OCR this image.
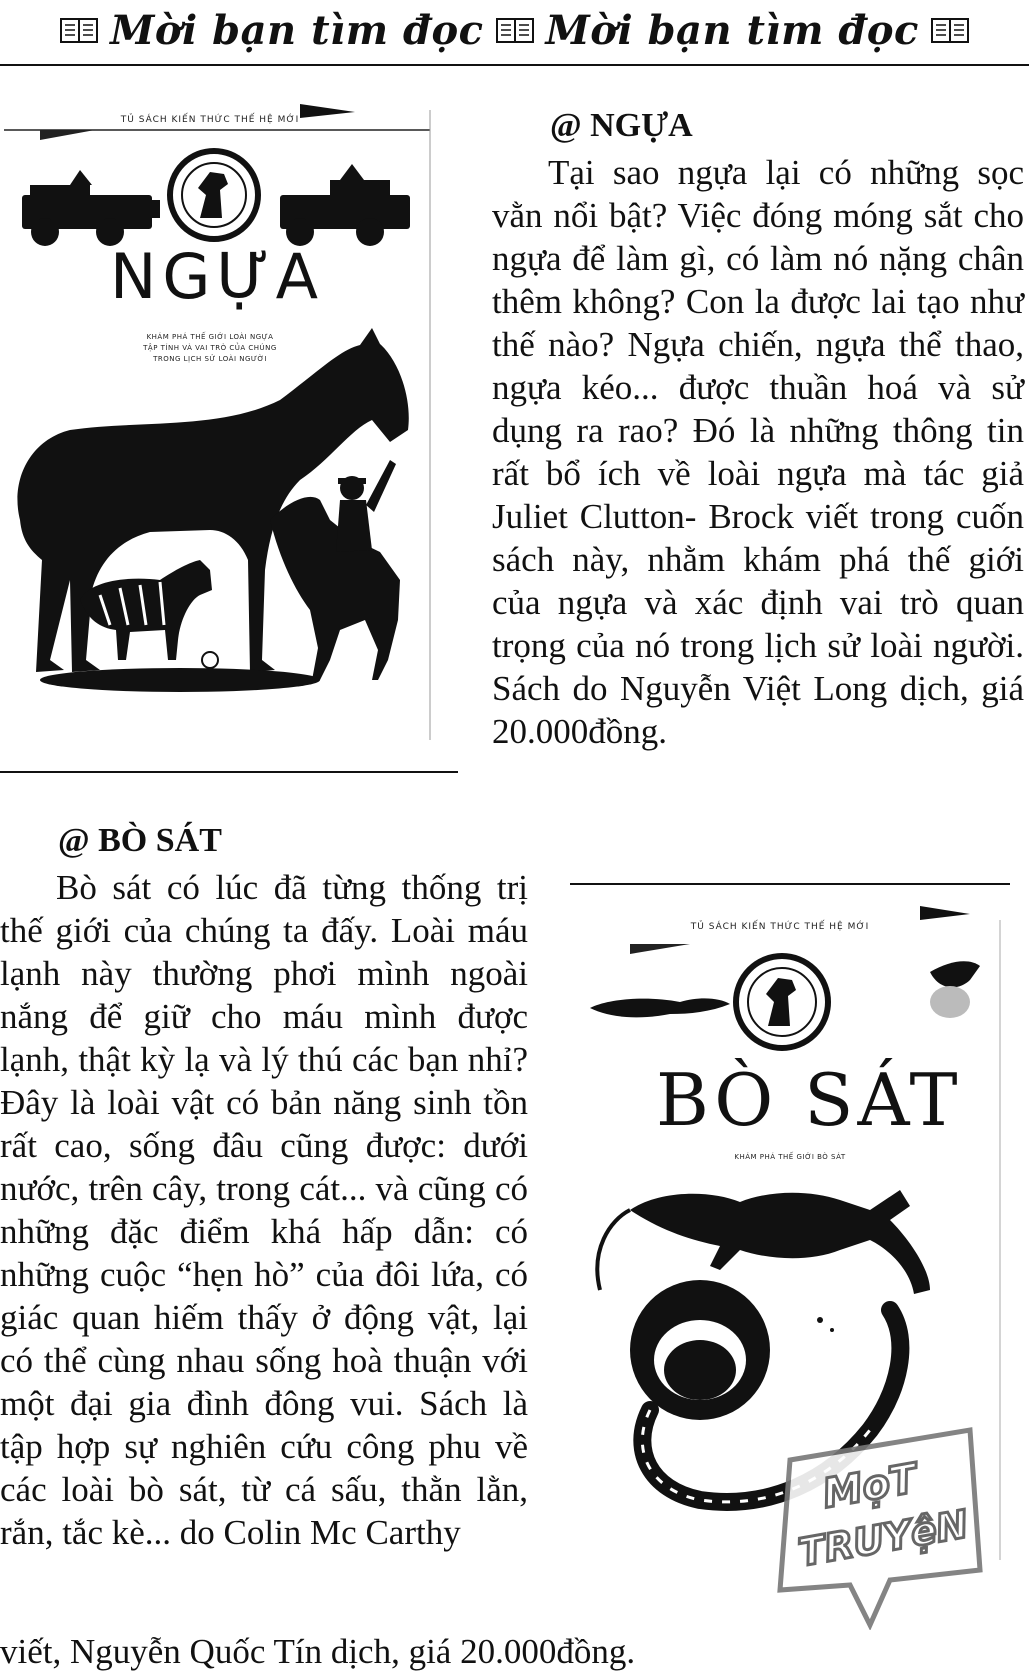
Mời bạn tìm đọc Mời bạn tìm đọc
TỦ SÁCH KIẾN THỨC THẾ HỆ MỚI
NGỰA
KHÁM PHÁ THẾ GIỚI LOÀI NGỰA
TẬP TÍNH VÀ VAI TRÒ CỦA CHÚNG
TRONG LỊCH SỬ LOÀI NGƯỜI
@ NGỰA

Tại sao ngựa lại có những sọc vằn nổi bật? Việc đóng móng sắt cho ngựa để làm gì, có làm nó nặng chân thêm không? Con la được lai tạo như thế nào? Ngựa chiến, ngựa thể thao, ngựa kéo... được thuần hoá và sử dụng ra rao? Đó là những thông tin rất bổ ích về loài ngựa mà tác giả Juliet Clutton- Brock viết trong cuốn sách này, nhằm khám phá thế giới của ngựa và xác định vai trò quan trọng của nó trong lịch sử loài người. Sách do Nguyễn Việt Long dịch, giá 20.000đồng.

@ BÒ SÁT

Bò sát có lúc đã từng thống trị thế giới của chúng ta đấy. Loài máu lạnh này thường phơi mình ngoài nắng để giữ cho máu mình được lạnh, thật kỳ lạ và lý thú các bạn nhỉ? Đây là loài vật có bản năng sinh tồn rất cao, sống đâu cũng được: dưới nước, trên cây, trong cát... và cũng có những đặc điểm khá hấp dẫn: có những cuộc “hẹn hò” của đôi lứa, có giác quan hiếm thấy ở động vật, lại có thể cùng nhau sống hoà thuận với một đại gia đình đông vui. Sách là tập hợp sự nghiên cứu công phu về các loài bò sát, từ cá sấu, thằn lằn, rắn, tắc kè... do Colin Mc Carthy

viết, Nguyễn Quốc Tín dịch, giá 20.000đồng.
TỦ SÁCH KIẾN THỨC THẾ HỆ MỚI
BÒ SÁT
KHÁM PHÁ THẾ GIỚI BÒ SÁT
MọT
TRUYệN
